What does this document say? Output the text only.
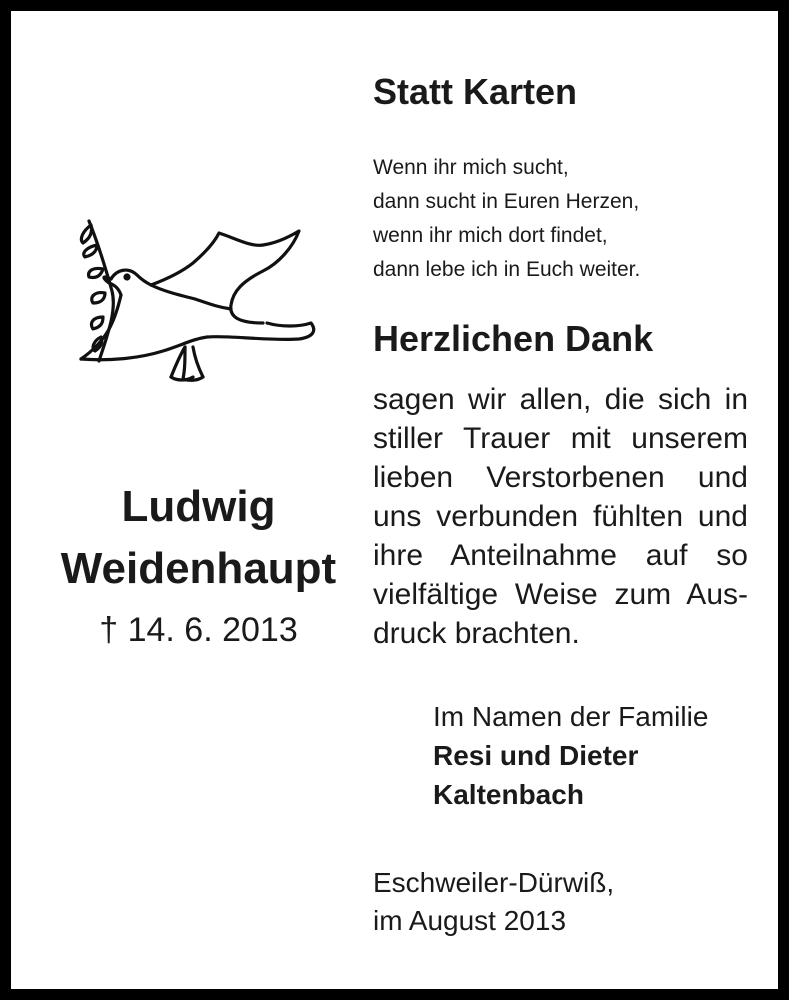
Ludwig
Weidenhaupt
† 14. 6. 2013
Statt Karten
Wenn ihr mich sucht,
dann sucht in Euren Herzen,
wenn ihr mich dort findet,
dann lebe ich in Euch weiter.
Herzlichen Dank
sagen wir allen, die sich in
stiller Trauer mit unserem
lieben Verstorbenen und
uns verbunden fühlten und
ihre Anteilnahme auf so
vielfältige Weise zum Aus-
druck brachten.
Im Namen der Familie
Resi und Dieter
Kaltenbach
Eschweiler-Dürwiß,
im August 2013
